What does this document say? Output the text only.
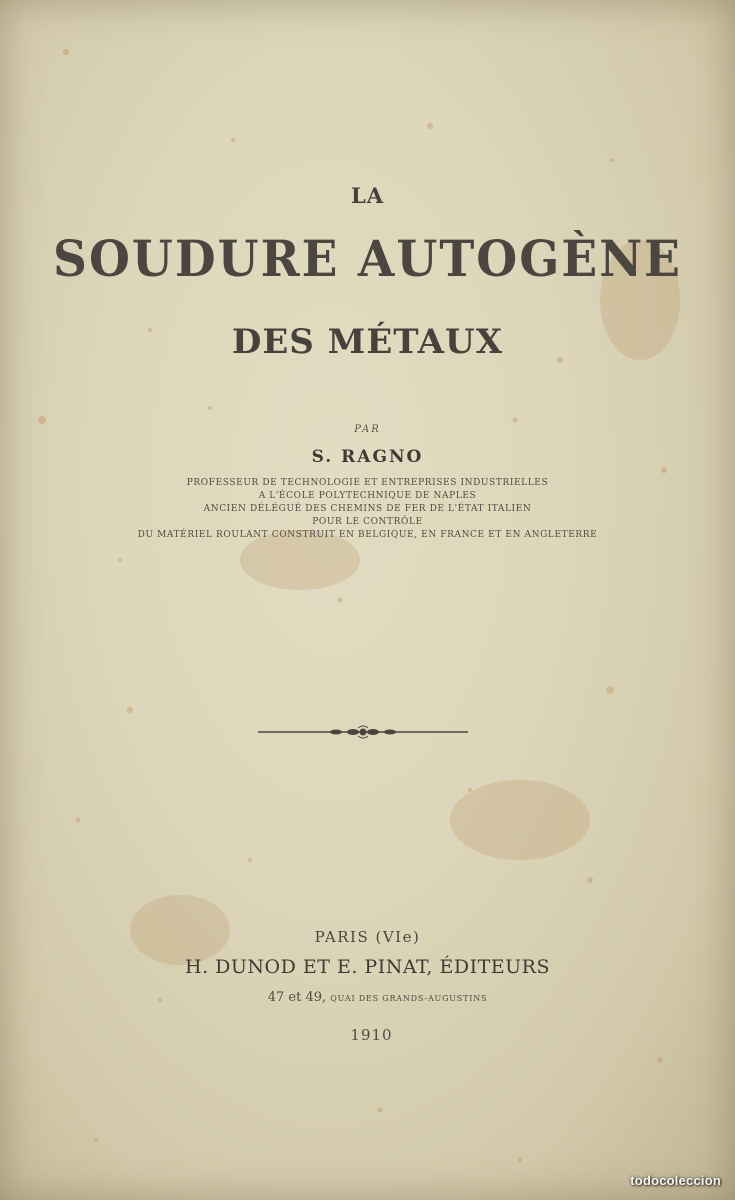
LA
SOUDURE AUTOGÈNE
DES MÉTAUX
PAR
S. RAGNO
PROFESSEUR DE TECHNOLOGIE ET ENTREPRISES INDUSTRIELLES
A L'ÉCOLE POLYTECHNIQUE DE NAPLES
ANCIEN DÉLÉGUÉ DES CHEMINS DE FER DE L'ÉTAT ITALIEN
POUR LE CONTRÔLE
DU MATÉRIEL ROULANT CONSTRUIT EN BELGIQUE, EN FRANCE ET EN ANGLETERRE
PARIS (VIe)
H. DUNOD ET E. PINAT, ÉDITEURS
47 et 49, QUAI DES GRANDS-AUGUSTINS
1910
todocoleccion
